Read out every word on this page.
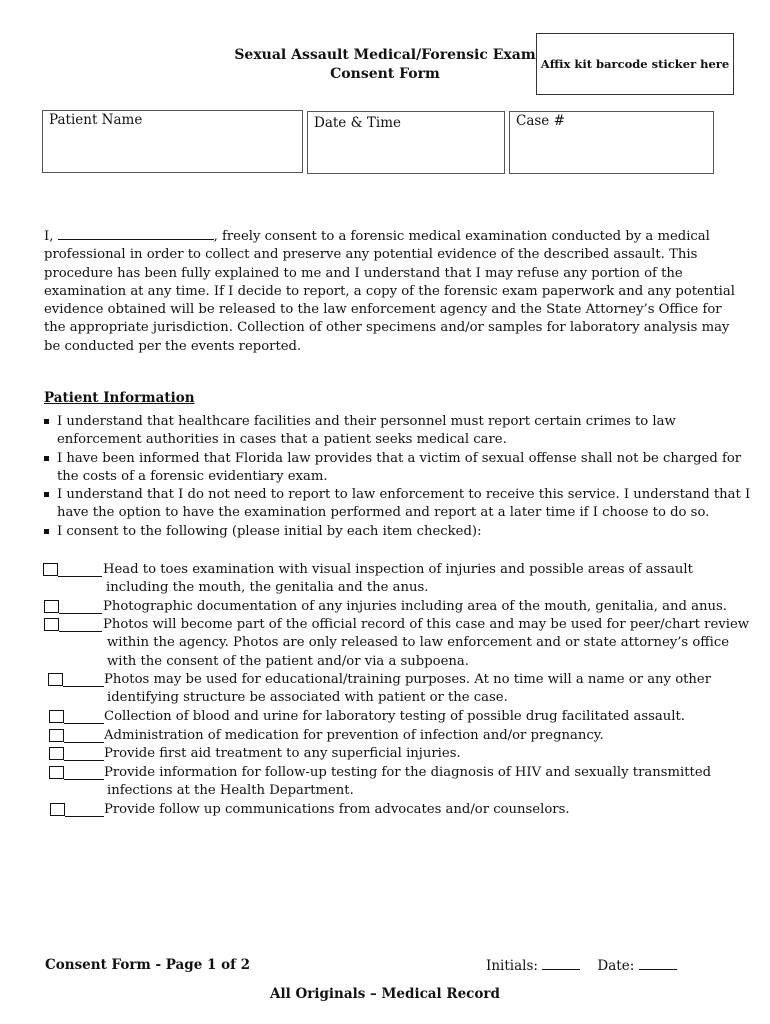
Sexual Assault Medical/Forensic Exam
Consent Form
Affix kit barcode sticker here
Patient Name	Date & Time	Case #
I,	, freely consent to a forensic medical examination conducted by a medical
professional in order to collect and preserve any potential evidence of the described assault. This
procedure has been fully explained to me and I understand that I may refuse any portion of the
examination at any time. If I decide to report, a copy of the forensic exam paperwork and any potential
evidence obtained will be released to the law enforcement agency and the State Attorney’s Office for
the appropriate jurisdiction. Collection of other specimens and/or samples for laboratory analysis may
be conducted per the events reported.
Patient Information
I understand that healthcare facilities and their personnel must report certain crimes to law
enforcement authorities in cases that a patient seeks medical care.
I have been informed that Florida law provides that a victim of sexual offense shall not be charged for
the costs of a forensic evidentiary exam.
I understand that I do not need to report to law enforcement to receive this service. I understand that I
have the option to have the examination performed and report at a later time if I choose to do so.
I consent to the following (please initial by each item checked):
Head to toes examination with visual inspection of injuries and possible areas of assault
including the mouth, the genitalia and the anus.
Photographic documentation of any injuries including area of the mouth, genitalia, and anus.
Photos will become part of the official record of this case and may be used for peer/chart review
within the agency. Photos are only released to law enforcement and or state attorney’s office
with the consent of the patient and/or via a subpoena.
Photos may be used for educational/training purposes. At no time will a name or any other
identifying structure be associated with patient or the case.
Collection of blood and urine for laboratory testing of possible drug facilitated assault.
Administration of medication for prevention of infection and/or pregnancy.
Provide first aid treatment to any superficial injuries.
Provide information for follow-up testing for the diagnosis of HIV and sexually transmitted
infections at the Health Department.
Provide follow up communications from advocates and/or counselors.
Consent Form - Page 1 of 2	Initials:	Date:
All Originals – Medical Record
